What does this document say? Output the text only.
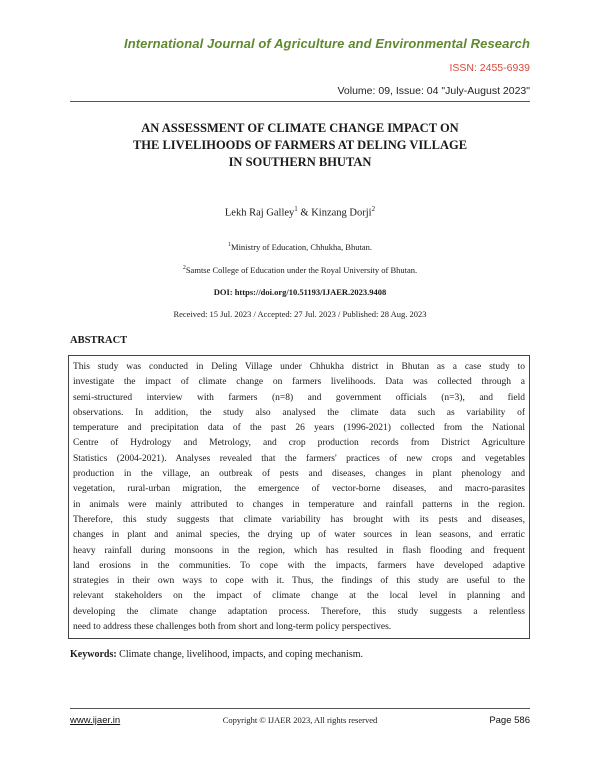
International Journal of Agriculture and Environmental Research
ISSN: 2455-6939
Volume: 09, Issue: 04 "July-August 2023"
AN ASSESSMENT OF CLIMATE CHANGE IMPACT ON
THE LIVELIHOODS OF FARMERS AT DELING VILLAGE
IN SOUTHERN BHUTAN
Lekh Raj Galley$^1$ & Kinzang Dorji$^2$
$^1$Ministry of Education, Chhukha, Bhutan.
$^2$Samtse College of Education under the Royal University of Bhutan.
DOI: https://doi.org/10.51193/IJAER.2023.9408
Received: 15 Jul. 2023 / Accepted: 27 Jul. 2023 / Published: 28 Aug. 2023
ABSTRACT
This study was conducted in Deling Village under Chhukha district in Bhutan as a case study to
investigate the impact of climate change on farmers livelihoods. Data was collected through a
semi-structured interview with farmers (n=8) and government officials (n=3), and field
observations. In addition, the study also analysed the climate data such as variability of
temperature and precipitation data of the past 26 years (1996-2021) collected from the National
Centre of Hydrology and Metrology, and crop production records from District Agriculture
Statistics (2004-2021). Analyses revealed that the farmers' practices of new crops and vegetables
production in the village, an outbreak of pests and diseases, changes in plant phenology and
vegetation, rural-urban migration, the emergence of vector-borne diseases, and macro-parasites
in animals were mainly attributed to changes in temperature and rainfall patterns in the region.
Therefore, this study suggests that climate variability has brought with its pests and diseases,
changes in plant and animal species, the drying up of water sources in lean seasons, and erratic
heavy rainfall during monsoons in the region, which has resulted in flash flooding and frequent
land erosions in the communities. To cope with the impacts, farmers have developed adaptive
strategies in their own ways to cope with it. Thus, the findings of this study are useful to the
relevant stakeholders on the impact of climate change at the local level in planning and
developing the climate change adaptation process. Therefore, this study suggests a relentless
need to address these challenges both from short and long-term policy perspectives.
Keywords: Climate change, livelihood, impacts, and coping mechanism.
www.ijaer.in	Copyright © IJAER 2023, All rights reserved	Page 586
